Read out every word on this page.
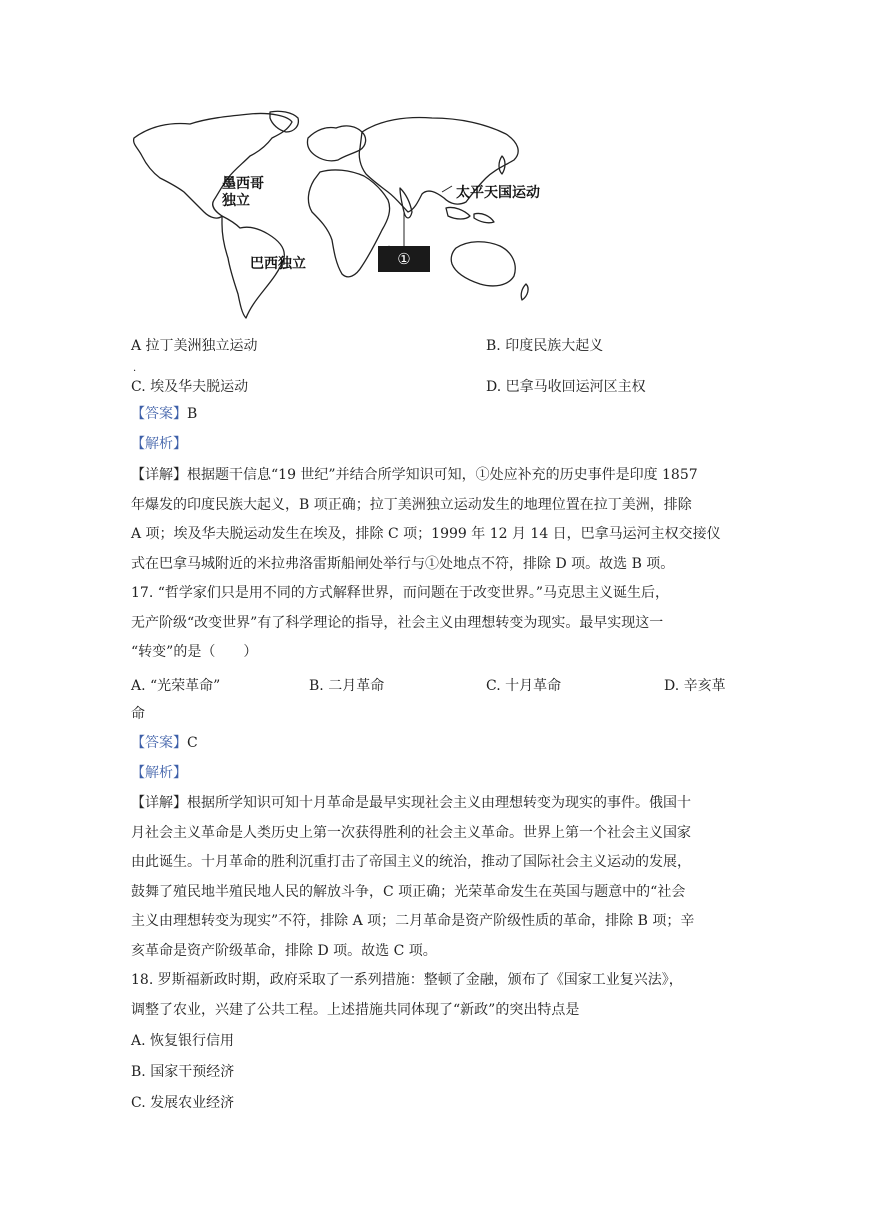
墨西哥
独立	太平天国运动
巴西独立	①
A 拉丁美洲独立运动
·
B. 印度民族大起义
C. 埃及华夫脱运动	D. 巴拿马收回运河区主权
【答案】B
【解析】
【详解】根据题干信息“19 世纪”并结合所学知识可知，①处应补充的历史事件是印度 1857
年爆发的印度民族大起义，B 项正确；拉丁美洲独立运动发生的地理位置在拉丁美洲，排除
A 项；埃及华夫脱运动发生在埃及，排除 C 项；1999 年 12 月 14 日，巴拿马运河主权交接仪
式在巴拿马城附近的米拉弗洛雷斯船闸处举行与①处地点不符，排除 D 项。故选 B 项。
17. “哲学家们只是用不同的方式解释世界，而问题在于改变世界。”马克思主义诞生后，
无产阶级“改变世界”有了科学理论的指导，社会主义由理想转变为现实。最早实现这一
“转变”的是（　　）
A. “光荣革命”	B. 二月革命	C. 十月革命	D. 辛亥革
命
【答案】C
【解析】
【详解】根据所学知识可知十月革命是最早实现社会主义由理想转变为现实的事件。俄国十
月社会主义革命是人类历史上第一次获得胜利的社会主义革命。世界上第一个社会主义国家
由此诞生。十月革命的胜利沉重打击了帝国主义的统治，推动了国际社会主义运动的发展，
鼓舞了殖民地半殖民地人民的解放斗争，C 项正确；光荣革命发生在英国与题意中的“社会
主义由理想转变为现实”不符，排除 A 项；二月革命是资产阶级性质的革命，排除 B 项；辛
亥革命是资产阶级革命，排除 D 项。故选 C 项。
18. 罗斯福新政时期，政府采取了一系列措施：整顿了金融，颁布了《国家工业复兴法》，
调整了农业，兴建了公共工程。上述措施共同体现了“新政”的突出特点是
A. 恢复银行信用
B. 国家干预经济
C. 发展农业经济
